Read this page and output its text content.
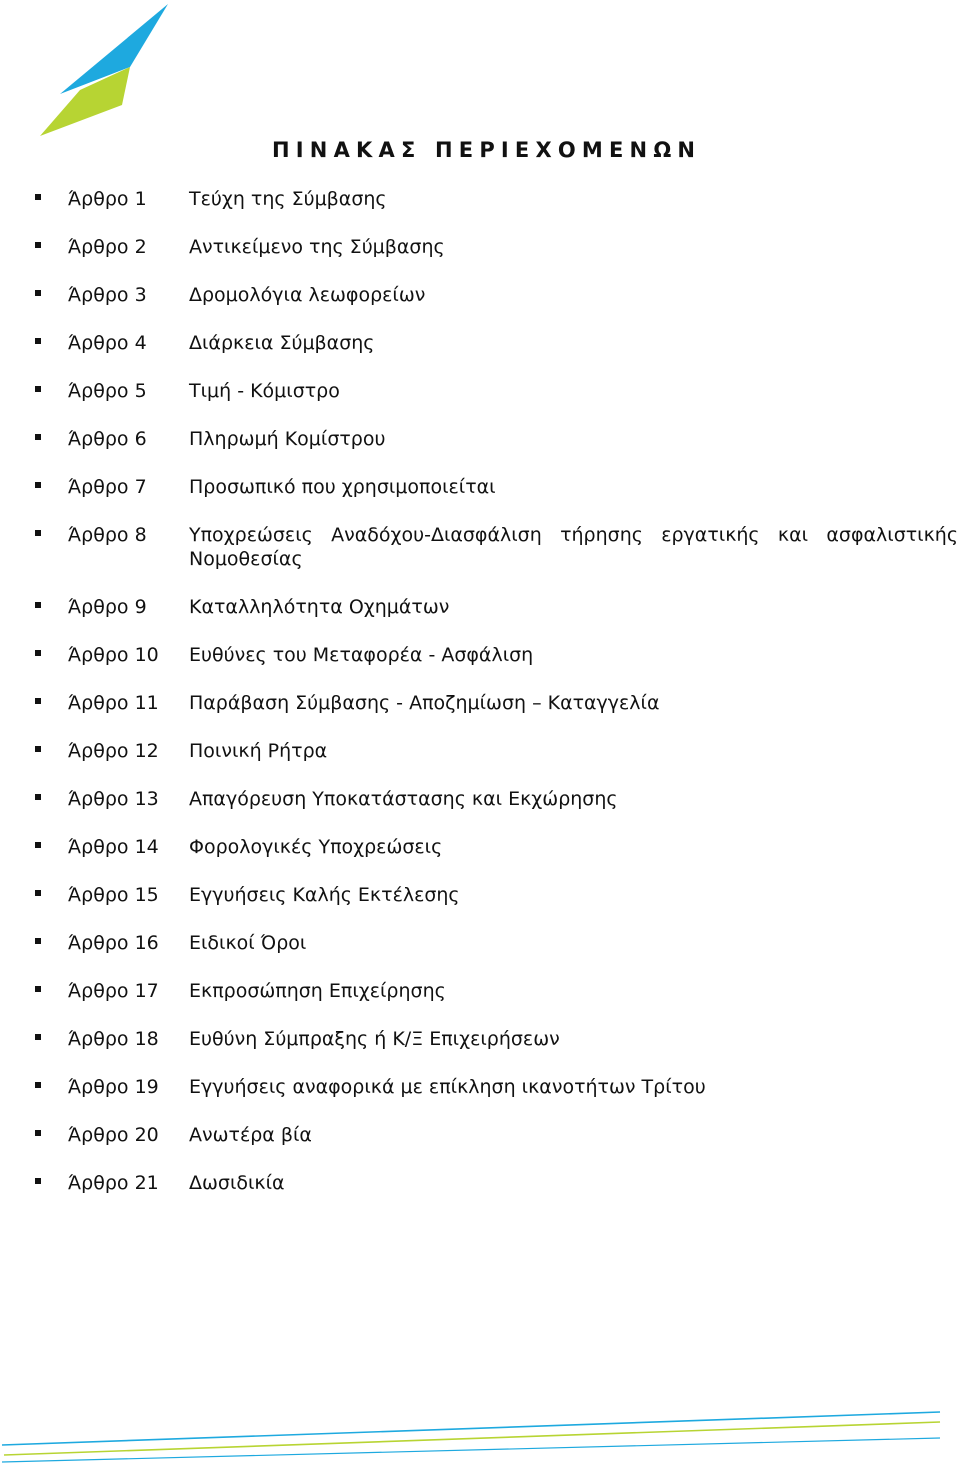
ΠΙΝΑΚΑΣ ΠΕΡΙΕΧΟΜΕΝΩΝ
Άρθρο 1 Τεύχη της Σύμβασης
Άρθρο 2 Αντικείμενο της Σύμβασης
Άρθρο 3 Δρομολόγια λεωφορείων
Άρθρο 4 Διάρκεια Σύμβασης
Άρθρο 5 Τιμή - Κόμιστρο
Άρθρο 6 Πληρωμή Κομίστρου
Άρθρο 7 Προσωπικό που χρησιμοποιείται
Άρθρο 8 Υποχρεώσεις Αναδόχου-Διασφάλιση τήρησης εργατικής και ασφαλιστικής Νομοθεσίας
Άρθρο 9 Καταλληλότητα Οχημάτων
Άρθρο 10 Ευθύνες του Μεταφορέα - Ασφάλιση
Άρθρο 11 Παράβαση Σύμβασης - Αποζημίωση – Καταγγελία
Άρθρο 12 Ποινική Ρήτρα
Άρθρο 13 Απαγόρευση Υποκατάστασης και Εκχώρησης
Άρθρο 14 Φορολογικές Υποχρεώσεις
Άρθρο 15 Εγγυήσεις Καλής Εκτέλεσης
Άρθρο 16 Ειδικοί Όροι
Άρθρο 17 Εκπροσώπηση Επιχείρησης
Άρθρο 18 Ευθύνη Σύμπραξης ή Κ/Ξ Επιχειρήσεων
Άρθρο 19 Εγγυήσεις αναφορικά με επίκληση ικανοτήτων Τρίτου
Άρθρο 20 Ανωτέρα βία
Άρθρο 21 Δωσιδικία
